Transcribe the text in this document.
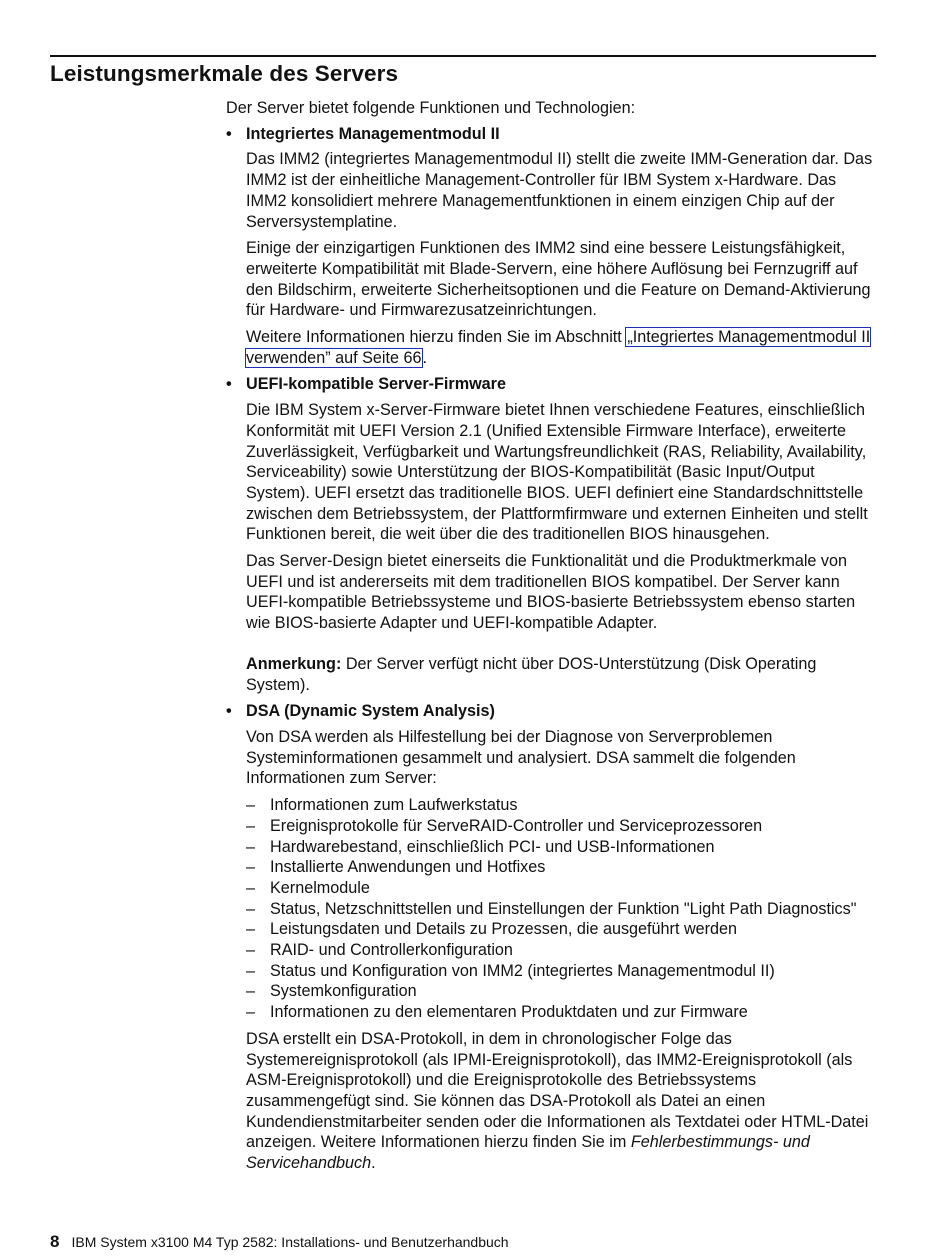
Leistungsmerkmale des Servers

Der Server bietet folgende Funktionen und Technologien:

• Integriertes Managementmodul II

Das IMM2 (integriertes Managementmodul II) stellt die zweite IMM-Generation dar. Das IMM2 ist der einheitliche Management-Controller für IBM System x-Hardware. Das IMM2 konsolidiert mehrere Managementfunktionen in einem einzigen Chip auf der Serversystemplatine.

Einige der einzigartigen Funktionen des IMM2 sind eine bessere Leistungsfähigkeit, erweiterte Kompatibilität mit Blade-Servern, eine höhere Auflösung bei Fernzugriff auf den Bildschirm, erweiterte Sicherheitsoptionen und die Feature on Demand-Aktivierung für Hardware- und Firmwarezusatzeinrichtungen.

Weitere Informationen hierzu finden Sie im Abschnitt „Integriertes Managementmodul II verwenden” auf Seite 66.

• UEFI-kompatible Server-Firmware

Die IBM System x-Server-Firmware bietet Ihnen verschiedene Features, einschließlich Konformität mit UEFI Version 2.1 (Unified Extensible Firmware Interface), erweiterte Zuverlässigkeit, Verfügbarkeit und Wartungsfreundlichkeit (RAS, Reliability, Availability, Serviceability) sowie Unterstützung der BIOS-Kompatibilität (Basic Input/Output System). UEFI ersetzt das traditionelle BIOS. UEFI definiert eine Standardschnittstelle zwischen dem Betriebssystem, der Plattformfirmware und externen Einheiten und stellt Funktionen bereit, die weit über die des traditionellen BIOS hinausgehen.

Das Server-Design bietet einerseits die Funktionalität und die Produktmerkmale von UEFI und ist andererseits mit dem traditionellen BIOS kompatibel. Der Server kann UEFI-kompatible Betriebssysteme und BIOS-basierte Betriebssystem ebenso starten wie BIOS-basierte Adapter und UEFI-kompatible Adapter.

Anmerkung: Der Server verfügt nicht über DOS-Unterstützung (Disk Operating System).

• DSA (Dynamic System Analysis)

Von DSA werden als Hilfestellung bei der Diagnose von Serverproblemen Systeminformationen gesammelt und analysiert. DSA sammelt die folgenden Informationen zum Server:

– Informationen zum Laufwerkstatus
– Ereignisprotokolle für ServeRAID-Controller und Serviceprozessoren
– Hardwarebestand, einschließlich PCI- und USB-Informationen
– Installierte Anwendungen und Hotfixes
– Kernelmodule
– Status, Netzschnittstellen und Einstellungen der Funktion "Light Path Diagnostics"
– Leistungsdaten und Details zu Prozessen, die ausgeführt werden
– RAID- und Controllerkonfiguration
– Status und Konfiguration von IMM2 (integriertes Managementmodul II)
– Systemkonfiguration
– Informationen zu den elementaren Produktdaten und zur Firmware

DSA erstellt ein DSA-Protokoll, in dem in chronologischer Folge das Systemereignisprotokoll (als IPMI-Ereignisprotokoll), das IMM2-Ereignisprotokoll (als ASM-Ereignisprotokoll) und die Ereignisprotokolle des Betriebssystems zusammengefügt sind. Sie können das DSA-Protokoll als Datei an einen Kundendienstmitarbeiter senden oder die Informationen als Textdatei oder HTML-Datei anzeigen. Weitere Informationen hierzu finden Sie im Fehlerbestimmungs- und Servicehandbuch.

8 IBM System x3100 M4 Typ 2582: Installations- und Benutzerhandbuch
